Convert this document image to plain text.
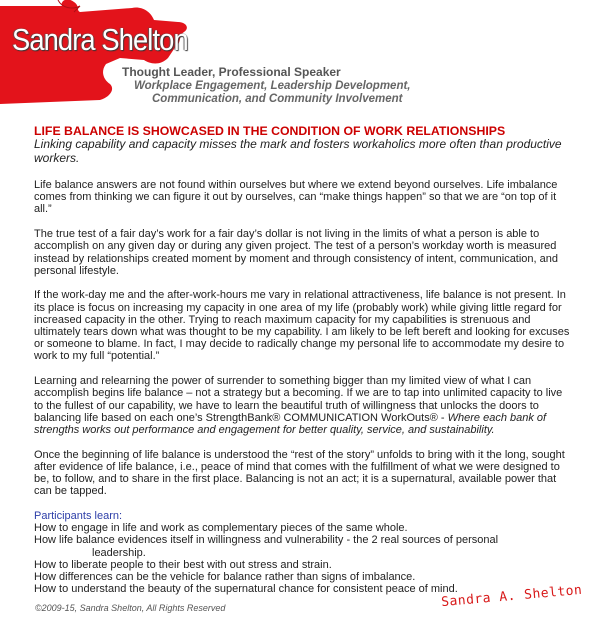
Sandra Shelton
Thought Leader, Professional Speaker
Workplace Engagement, Leadership Development,
Communication, and Community Involvement

LIFE BALANCE IS SHOWCASED IN THE CONDITION OF WORK RELATIONSHIPS

Linking capability and capacity misses the mark and fosters workaholics more often than productive workers.

Life balance answers are not found within ourselves but where we extend beyond ourselves. Life imbalance comes from thinking we can figure it out by ourselves, can “make things happen” so that we are “on top of it all.”

The true test of a fair day’s work for a fair day’s dollar is not living in the limits of what a person is able to accomplish on any given day or during any given project. The test of a person’s workday worth is measured instead by relationships created moment by moment and through consistency of intent, communication, and personal lifestyle.

If the work-day me and the after-work-hours me vary in relational attractiveness, life balance is not present. In its place is focus on increasing my capacity in one area of my life (probably work) while giving little regard for increased capacity in the other. Trying to reach maximum capacity for my capabilities is strenuous and ultimately tears down what was thought to be my capability. I am likely to be left bereft and looking for excuses or someone to blame. In fact, I may decide to radically change my personal life to accommodate my desire to work to my full “potential.”

Learning and relearning the power of surrender to something bigger than my limited view of what I can accomplish begins life balance – not a strategy but a becoming. If we are to tap into unlimited capacity to live to the fullest of our capability, we have to learn the beautiful truth of willingness that unlocks the doors to balancing life based on each one’s StrengthBank® COMMUNICATION WorkOuts® - Where each bank of strengths works out performance and engagement for better quality, service, and sustainability.

Once the beginning of life balance is understood the “rest of the story” unfolds to bring with it the long, sought after evidence of life balance, i.e., peace of mind that comes with the fulfillment of what we were designed to be, to follow, and to share in the first place. Balancing is not an act; it is a supernatural, available power that can be tapped.

Participants learn:

How to engage in life and work as complementary pieces of the same whole.
How life balance evidences itself in willingness and vulnerability - the 2 real sources of personal
leadership.
How to liberate people to their best with out stress and strain.
How differences can be the vehicle for balance rather than signs of imbalance.
How to understand the beauty of the supernatural chance for consistent peace of mind.
©2009-15, Sandra Shelton, All Rights Reserved	Sandra A. Shelton
